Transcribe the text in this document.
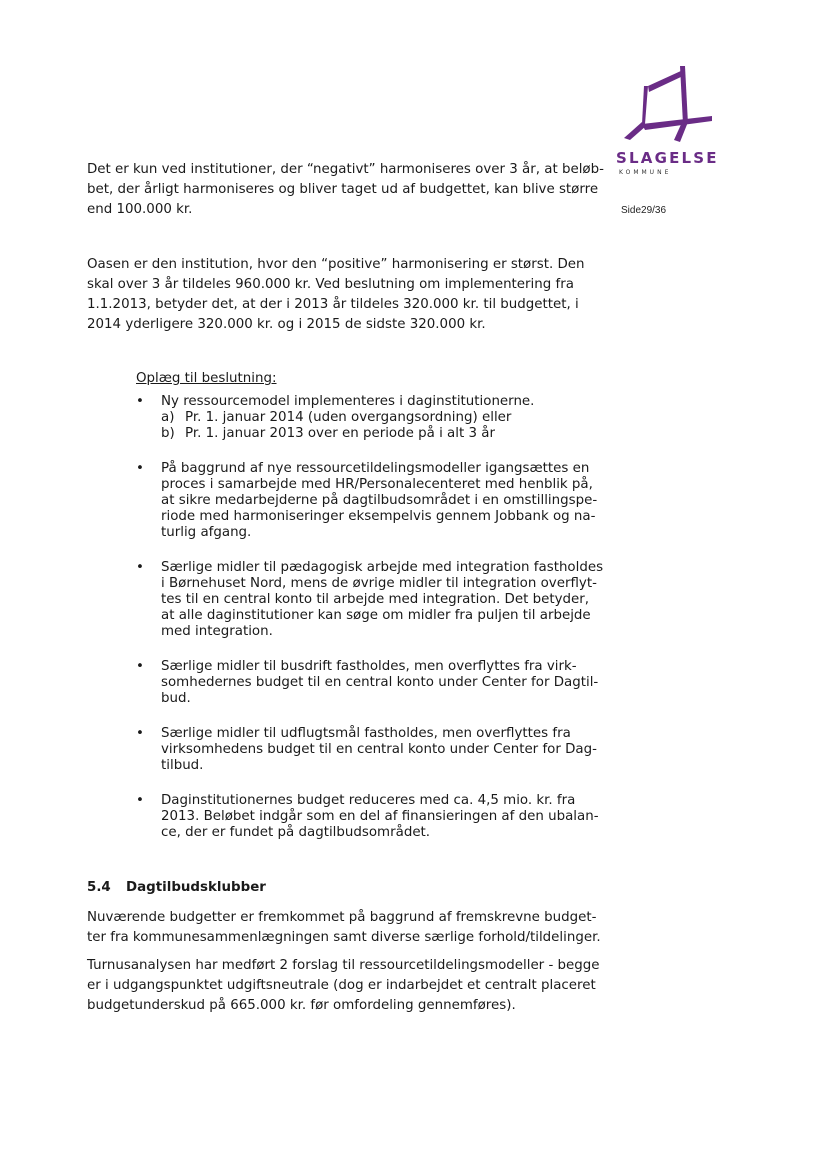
SLAGELSE
KOMMUNE
Side29/36

Det er kun ved institutioner, der “negativt” harmoniseres over 3 år, at beløb-
bet, der årligt harmoniseres og bliver taget ud af budgettet, kan blive større
end 100.000 kr.

Oasen er den institution, hvor den “positive” harmonisering er størst. Den
skal over 3 år tildeles 960.000 kr. Ved beslutning om implementering fra
1.1.2013, betyder det, at der i 2013 år tildeles 320.000 kr. til budgettet, i
2014 yderligere 320.000 kr. og i 2015 de sidste 320.000 kr.

Oplæg til beslutning:

• Ny ressourcemodel implementeres i daginstitutionerne.
a) Pr. 1. januar 2014 (uden overgangsordning) eller
b) Pr. 1. januar 2013 over en periode på i alt 3 år
• På baggrund af nye ressourcetildelingsmodeller igangsættes en
proces i samarbejde med HR/Personalecenteret med henblik på,
at sikre medarbejderne på dagtilbudsområdet i en omstillingspe-
riode med harmoniseringer eksempelvis gennem Jobbank og na-
turlig afgang.
• Særlige midler til pædagogisk arbejde med integration fastholdes
i Børnehuset Nord, mens de øvrige midler til integration overflyt-
tes til en central konto til arbejde med integration. Det betyder,
at alle daginstitutioner kan søge om midler fra puljen til arbejde
med integration.
• Særlige midler til busdrift fastholdes, men overflyttes fra virk-
somhedernes budget til en central konto under Center for Dagtil-
bud.
• Særlige midler til udflugtsmål fastholdes, men overflyttes fra
virksomhedens budget til en central konto under Center for Dag-
tilbud.
• Daginstitutionernes budget reduceres med ca. 4,5 mio. kr. fra
2013. Beløbet indgår som en del af finansieringen af den ubalan-
ce, der er fundet på dagtilbudsområdet.

5.4 Dagtilbudsklubber

Nuværende budgetter er fremkommet på baggrund af fremskrevne budget-
ter fra kommunesammenlægningen samt diverse særlige forhold/tildelinger.

Turnusanalysen har medført 2 forslag til ressourcetildelingsmodeller - begge
er i udgangspunktet udgiftsneutrale (dog er indarbejdet et centralt placeret
budgetunderskud på 665.000 kr. før omfordeling gennemføres).
